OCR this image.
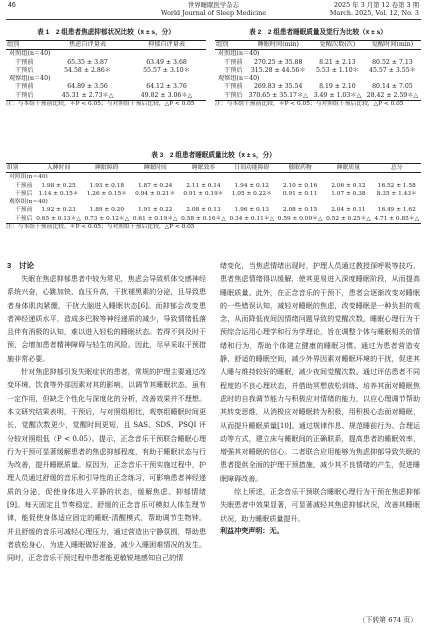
46	世界睡眠医学杂志
World Journal of Sleep Medicine
2025 年 3 月第 12 卷第 3 期
March. 2025, Vol. 12, No. 3
表 1　2 组患者焦虑抑郁状况比较（x̄ ± s，分）
组别	焦虑自评量表	抑郁自评量表
对照组(n＝40)		
干预前	65.35 ± 3.87	63.49 ± 3.68
干预后	54.58 ± 2.86＊	55.57 ± 3.10＊
观察组(n＝40)		
干预前	64.89 ± 3.56	64.12 ± 3.76
干预后	45.31 ± 2.73＊△	49.82 ± 3.06＊△
注：与本组干预前比较，＊P < 0.05；与对照组干预后比较，△P < 0.05
表 2　2 组患者睡眠质量及觉行为比较（x̄ ± s）
组别	睡眠时间(min)	觉醒次数(次)	觉醒时间(min)
对照组(n＝40)			
干预前	270.25 ± 35.88	8.21 ± 2.13	80.52 ± 7.13
干预后	315.28 ± 44.56＊	5.53 ± 1.10＊	45.57 ± 3.55＊
观察组(n＝40)			
干预前	269.83 ± 35.54	8.19 ± 2.10	80.14 ± 7.05
干预后	370.65 ± 35.17＊△	3.49 ± 1.03＊△	28.42 ± 2.59＊△
注：与本组干预前比较，＊P < 0.05；与对照组干预后比较，△P < 0.05
表 3　2 组患者睡眠质量比较（x̄ ± s，分）
组别	入睡时间	睡眠障碍	睡眠时间	睡眠效率	日间功能障碍	催眠药物	睡眠质量	总分
对照组(n＝40)								
干预前	1.98 ± 0.25	1.93 ± 0.18	1.87 ± 0.24	2.11 ± 0.14	1.94 ± 0.12	2.10 ± 0.16	2.06 ± 0.12	16.52 ± 1.58
干预后	1.14 ± 0.15＊	1.26 ± 0.15＊	0.94 ± 0.21＊	0.91 ± 0.19＊	1.05 ± 0.22＊	0.91 ± 0.11	1.07 ± 0.38	8.35 ± 1.43＊
观察组(n＝40)								
干预前	1.92 ± 0.23	1.89 ± 0.20	1.91 ± 0.22	2.08 ± 0.13	1.96 ± 0.13	2.08 ± 0.15	2.04 ± 0.11	16.49 ± 1.62
干预后	0.65 ± 0.13＊△	0.73 ± 0.12＊△	0.61 ± 0.19＊△	0.58 ± 0.16＊△	0.34 ± 0.11＊△	0.59 ± 0.09＊△	0.52 ± 0.25＊△	4.71 ± 0.85＊△
注：与本组干预前比较，＊P < 0.05；与对照组干预后比较，△P < 0.05
3　讨论

失眠在焦虑抑郁患者中较为常见，焦虑会导致机体交感神经系统兴奋，心跳加快、血压升高，干扰褪黑素的分泌，且导致患者身体肌肉紧绷，干扰大脑进入睡眠状态[6]。而抑郁会改变患者神经递质水平，造成多巴胺等神经递质的减少，导致情绪低落且伴有消极的认知，难以进入轻松的睡眠状态。若得不到及时干预，会增加患者精神障碍与轻生的风险。因此，尽早采取干预措施非常必要。

针对焦虑抑郁引发失眠症状的患者，常规的护理主要通过改变环境、饮食等外部因素对其的影响，以调节其睡眠状态，虽有一定作用，但缺乏个性化与深度化的分析，改善效果并不理想。本文研究结果表明，干预后，与对照组相比，观察组睡眠时间更长，觉醒次数更少，觉醒时间更短，且 SAS、SDS、PSQI 评分较对照组低（P < 0.05）。提示，正念音乐干预联合睡眠心理行为干预可显著缓解患者的焦虑抑郁程度，有助于睡眠状态与行为改善，提升睡眠质量。原因为，正念音乐干预实施过程中，护理人员通过舒缓的音乐和引导性的正念练习，可影响患者神经递质的分泌，促使身体进入平静的状态，缓解焦虑、抑郁情绪[9]。每天固定且节奏稳定、舒缓的正念音乐可模拟人体生理节律，能促使身体适应固定的睡眠-清醒模式，帮助调节生物钟。并且舒缓的音乐可减轻心理压力，通过营造出宁静氛围，帮助患者放松身心，为进入睡眠做好准备，减少入睡困难情况的发生。同时，正念音乐干预过程中患者能更敏锐地感知自己的情

绪变化，当焦虑情绪出现时，护理人员通过教授深呼吸等技巧，患者焦虑情绪得以缓解，使其更易进入深度睡眠阶段，从而提高睡眠质量。此外，在正念音乐的干预下，患者会逐渐改变对睡眠的一些错误认知，减轻对睡眠的焦虑，改变睡眠是一种负担的观念，从而降低夜间因情绪问题导致的觉醒次数。睡眠心理行为干预综合运用心理学和行为学理论，旨在调整个体与睡眠相关的情绪和行为，帮助个体建立健康的睡眠习惯。通过为患者营造安静、舒适的睡眠空间，减少外界因素对睡眠环境的干扰，促进其人睡与维持较好的睡眠，减少夜间觉醒次数。通过评估患者不同程度的不良心理状态，并借助冥想放松训练、培养其面对睡眠焦虑时的自我调节能力与积极应对情绪的能力，以应心理调节帮助其转变思维，从消极应对睡眠转为积极，用积极心态面对睡眠，从而提升睡眠质量[10]。通过规律作息、规范睡前行为、合理运动等方式，建立床与睡眠间的正确联系，提高患者的睡眠效率，增强其对睡眠的信心。二者联合应用能够为焦虑抑郁导致失眠的患者提供全面的护理干预措施，减少其不良情绪的产生，促进睡眠障碍改善。

综上所述，正念音乐干预联合睡眠心理行为干预在焦虑抑郁失眠患者中效果显著，可显著减轻其焦虑抑郁状况，改善其睡眠状况，助力睡眠质量提升。

利益冲突声明：无。
（下转第 674 页）
